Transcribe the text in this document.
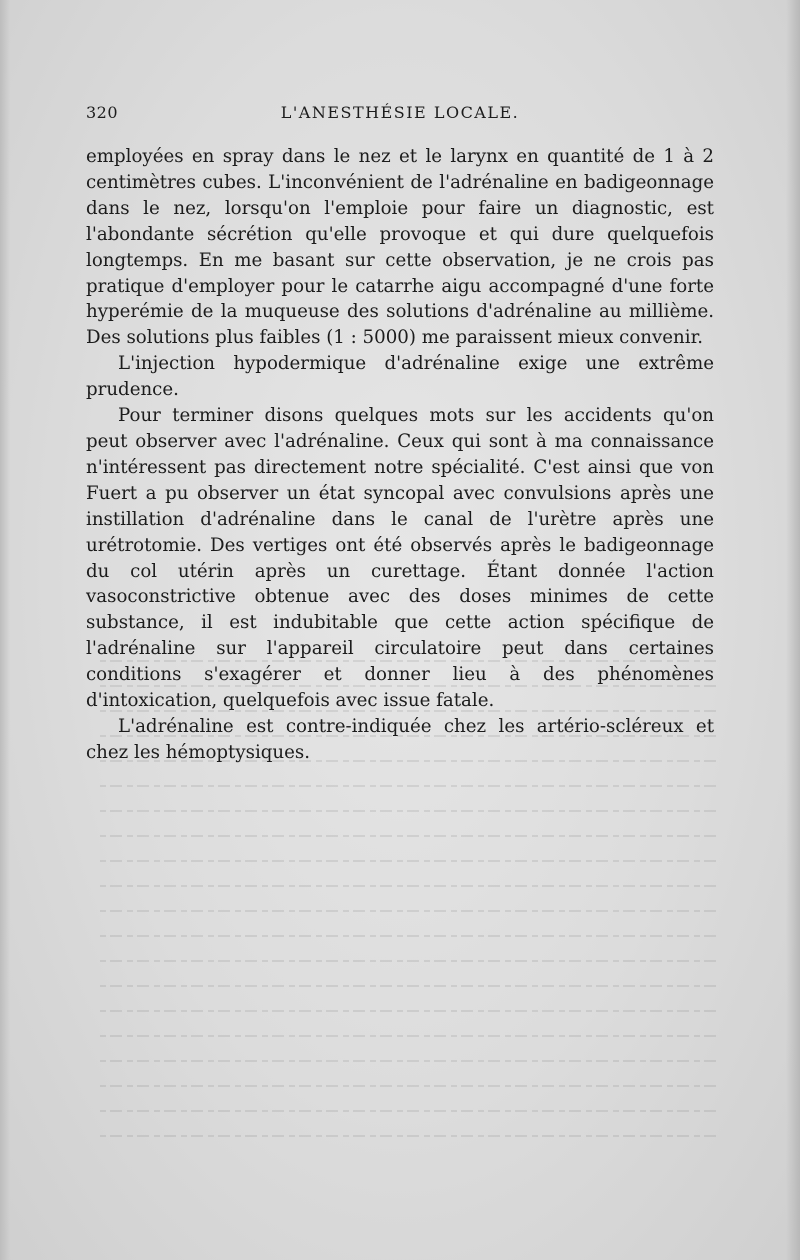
320	L'ANESTHÉSIE LOCALE.

employées en spray dans le nez et le larynx en quantité de 1 à 2 centimètres cubes. L'inconvénient de l'adrénaline en badigeonnage dans le nez, lorsqu'on l'emploie pour faire un diagnostic, est l'abondante sécrétion qu'elle provoque et qui dure quelquefois longtemps. En me basant sur cette observation, je ne crois pas pratique d'employer pour le catarrhe aigu accompagné d'une forte hyperémie de la muqueuse des solutions d'adrénaline au millième. Des solutions plus faibles (1 : 5000) me paraissent mieux convenir.

L'injection hypodermique d'adrénaline exige une extrême prudence.

Pour terminer disons quelques mots sur les accidents qu'on peut observer avec l'adrénaline. Ceux qui sont à ma connaissance n'intéressent pas directement notre spécialité. C'est ainsi que von Fuert a pu observer un état syncopal avec convulsions après une instillation d'adrénaline dans le canal de l'urètre après une urétrotomie. Des vertiges ont été observés après le badigeonnage du col utérin après un curettage. Étant donnée l'action vasoconstrictive obtenue avec des doses minimes de cette substance, il est indubitable que cette action spécifique de l'adrénaline sur l'appareil circulatoire peut dans certaines conditions s'exagérer et donner lieu à des phénomènes d'intoxication, quelquefois avec issue fatale.

L'adrénaline est contre-indiquée chez les artério-scléreux et chez les hémoptysiques.
